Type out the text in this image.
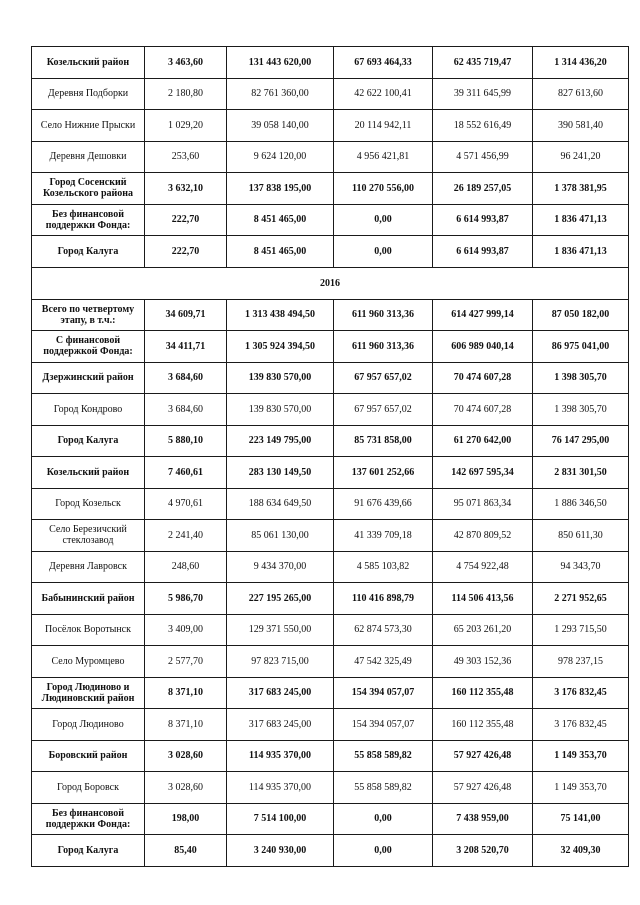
Козельский район	3 463,60	131 443 620,00	67 693 464,33	62 435 719,47	1 314 436,20
Деревня Подборки	2 180,80	82 761 360,00	42 622 100,41	39 311 645,99	827 613,60
Село Нижние Прыски	1 029,20	39 058 140,00	20 114 942,11	18 552 616,49	390 581,40
Деревня Дешовки	253,60	9 624 120,00	4 956 421,81	4 571 456,99	96 241,20
Город Сосенский Козельского района	3 632,10	137 838 195,00	110 270 556,00	26 189 257,05	1 378 381,95
Без финансовой поддержки Фонда:	222,70	8 451 465,00	0,00	6 614 993,87	1 836 471,13
Город Калуга	222,70	8 451 465,00	0,00	6 614 993,87	1 836 471,13
2016					
Всего по четвертому этапу, в т.ч.:	34 609,71	1 313 438 494,50	611 960 313,36	614 427 999,14	87 050 182,00
С финансовой поддержкой Фонда:	34 411,71	1 305 924 394,50	611 960 313,36	606 989 040,14	86 975 041,00
Дзержинский район	3 684,60	139 830 570,00	67 957 657,02	70 474 607,28	1 398 305,70
Город Кондрово	3 684,60	139 830 570,00	67 957 657,02	70 474 607,28	1 398 305,70
Город Калуга	5 880,10	223 149 795,00	85 731 858,00	61 270 642,00	76 147 295,00
Козельский район	7 460,61	283 130 149,50	137 601 252,66	142 697 595,34	2 831 301,50
Город Козельск	4 970,61	188 634 649,50	91 676 439,66	95 071 863,34	1 886 346,50
Село Березичский стеклозавод	2 241,40	85 061 130,00	41 339 709,18	42 870 809,52	850 611,30
Деревня Лавровск	248,60	9 434 370,00	4 585 103,82	4 754 922,48	94 343,70
Бабынинский район	5 986,70	227 195 265,00	110 416 898,79	114 506 413,56	2 271 952,65
Посёлок Воротынск	3 409,00	129 371 550,00	62 874 573,30	65 203 261,20	1 293 715,50
Село Муромцево	2 577,70	97 823 715,00	47 542 325,49	49 303 152,36	978 237,15
Город Людиново и Людиновский район	8 371,10	317 683 245,00	154 394 057,07	160 112 355,48	3 176 832,45
Город Людиново	8 371,10	317 683 245,00	154 394 057,07	160 112 355,48	3 176 832,45
Боровский район	3 028,60	114 935 370,00	55 858 589,82	57 927 426,48	1 149 353,70
Город Боровск	3 028,60	114 935 370,00	55 858 589,82	57 927 426,48	1 149 353,70
Без финансовой поддержки Фонда:	198,00	7 514 100,00	0,00	7 438 959,00	75 141,00
Город Калуга	85,40	3 240 930,00	0,00	3 208 520,70	32 409,30
